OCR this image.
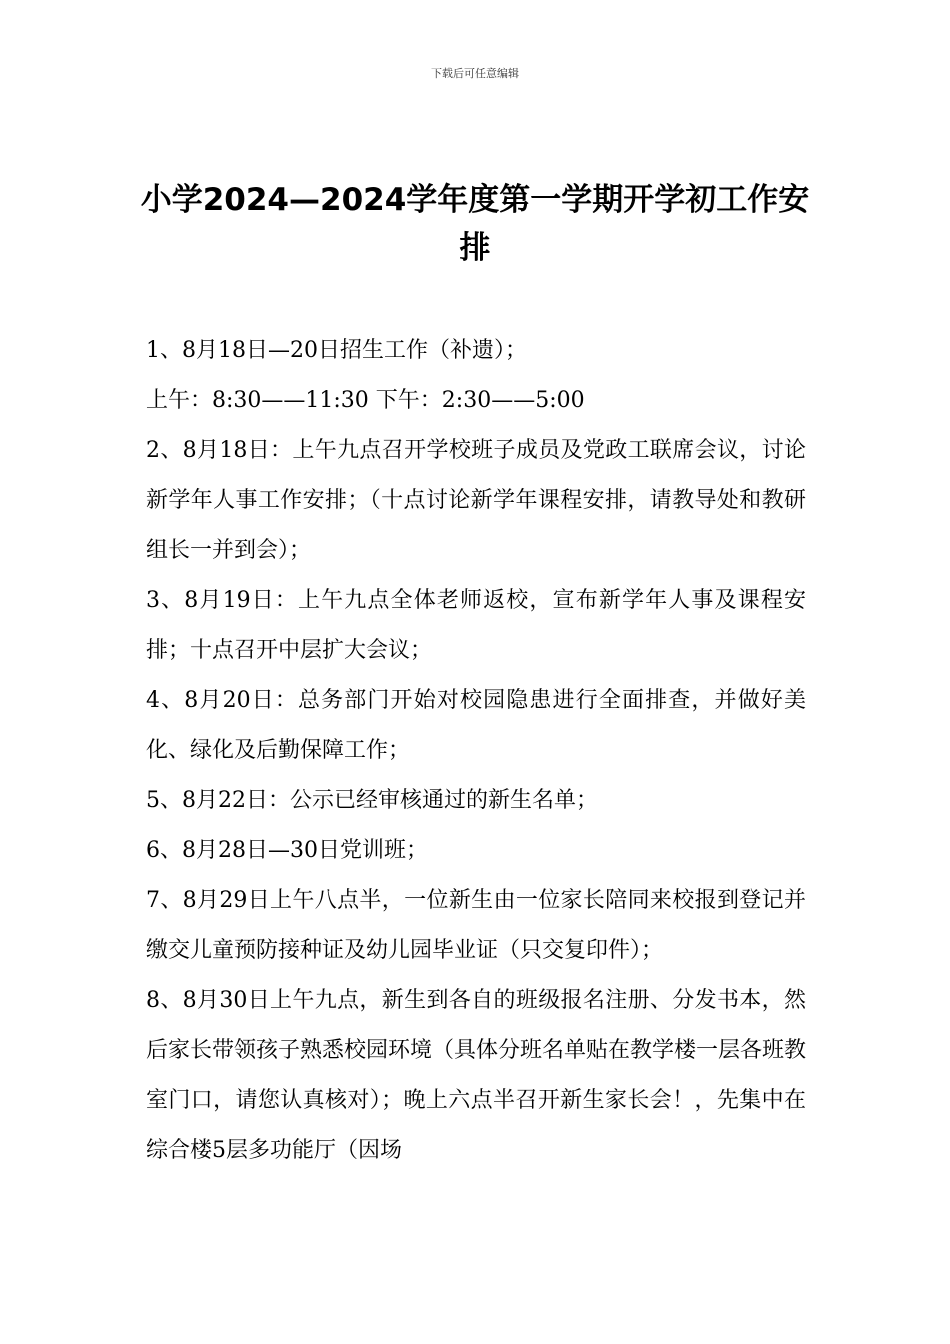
下载后可任意编辑
小学2024—2024学年度第一学期开学初工作安排

1、8月18日—20日招生工作（补遗）；

上午：8:30——11:30 下午：2:30——5:00

2、8月18日：上午九点召开学校班子成员及党政工联席会议，讨论新学年人事工作安排；（十点讨论新学年课程安排，请教导处和教研组长一并到会）；

3、8月19日：上午九点全体老师返校，宣布新学年人事及课程安排；十点召开中层扩大会议；

4、8月20日：总务部门开始对校园隐患进行全面排查，并做好美化、绿化及后勤保障工作；

5、8月22日：公示已经审核通过的新生名单；

6、8月28日—30日党训班；

7、8月29日上午八点半，一位新生由一位家长陪同来校报到登记并缴交儿童预防接种证及幼儿园毕业证（只交复印件）；

8、8月30日上午九点，新生到各自的班级报名注册、分发书本，然后家长带领孩子熟悉校园环境（具体分班名单贴在教学楼一层各班教室门口，请您认真核对）；晚上六点半召开新生家长会！，先集中在综合楼5层多功能厅（因场
